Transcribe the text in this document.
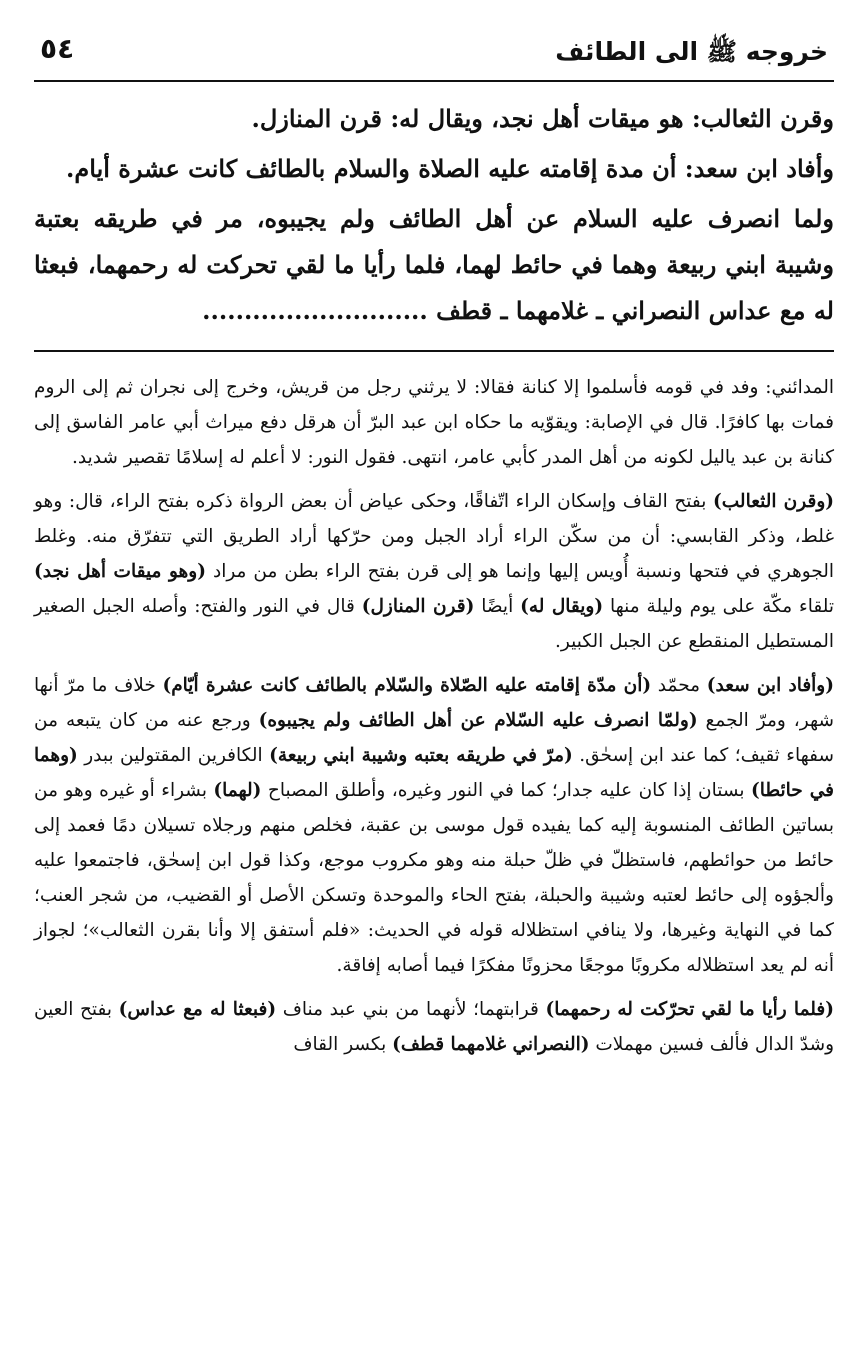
خروجه ﷺ الى الطائف
٥٤

وقرن الثعالب: هو ميقات أهل نجد، ويقال له: قرن المنازل.

وأفاد ابن سعد: أن مدة إقامته عليه الصلاة والسلام بالطائف كانت عشرة أيام.

ولما انصرف عليه السلام عن أهل الطائف ولم يجيبوه، مر في طريقه بعتبة وشيبة ابني ربيعة وهما في حائط لهما، فلما رأيا ما لقي تحركت له رحمهما، فبعثا له مع عداس النصراني ـ غلامهما ـ قطف ...........................

المدائني: وفد في قومه فأسلموا إلا كنانة فقالا: لا يرثني رجل من قريش، وخرج إلى نجران ثم إلى الروم فمات بها كافرًا. قال في الإصابة: ويقوّيه ما حكاه ابن عبد البرّ أن هرقل دفع ميراث أبي عامر الفاسق إلى كنانة بن عبد ياليل لكونه من أهل المدر كأبي عامر، انتهى. فقول النور: لا أعلم له إسلامًا تقصير شديد.

(وقرن الثعالب) بفتح القاف وإسكان الراء اتّفاقًا، وحكى عياض أن بعض الرواة ذكره بفتح الراء، قال: وهو غلط، وذكر القابسي: أن من سكّن الراء أراد الجبل ومن حرّكها أراد الطريق التي تتفرّق منه. وغلط الجوهري في فتحها ونسبة أُويس إليها وإنما هو إلى قرن بفتح الراء بطن من مراد (وهو ميقات أهل نجد) تلقاء مكّة على يوم وليلة منها (ويقال له) أيضًا (قرن المنازل) قال في النور والفتح: وأصله الجبل الصغير المستطيل المنقطع عن الجبل الكبير.

(وأفاد ابن سعد) محمّد (أن مدّة إقامته عليه الصّلاة والسّلام بالطائف كانت عشرة أيّام) خلاف ما مرّ أنها شهر، ومرّ الجمع (ولمّا انصرف عليه السّلام عن أهل الطائف ولم يجيبوه) ورجع عنه من كان يتبعه من سفهاء ثقيف؛ كما عند ابن إسحٰق. (مرّ في طريقه بعتبه وشيبة ابني ربيعة) الكافرين المقتولين ببدر (وهما في حائطا) بستان إذا كان عليه جدار؛ كما في النور وغيره، وأطلق المصباح (لهما) بشراء أو غيره وهو من بساتين الطائف المنسوبة إليه كما يفيده قول موسى بن عقبة، فخلص منهم ورجلاه تسيلان دمًا فعمد إلى حائط من حوائطهم، فاستظلّ في ظلّ حبلة منه وهو مكروب موجع، وكذا قول ابن إسحٰق، فاجتمعوا عليه وألجؤوه إلى حائط لعتبه وشيبة والحبلة، بفتح الحاء والموحدة وتسكن الأصل أو القضيب، من شجر العنب؛ كما في النهاية وغيرها، ولا ينافي استظلاله قوله في الحديث: «فلم أستفق إلا وأنا بقرن الثعالب»؛ لجواز أنه لم يعد استظلاله مكروبًا موجعًا محزونًا مفكرًا فيما أصابه إفاقة.

(فلما رأيا ما لقي تحرّكت له رحمهما) قرابتهما؛ لأنهما من بني عبد مناف (فبعثا له مع عداس) بفتح العين وشدّ الدال فألف فسين مهملات (النصراني غلامهما قطف) بكسر القاف
